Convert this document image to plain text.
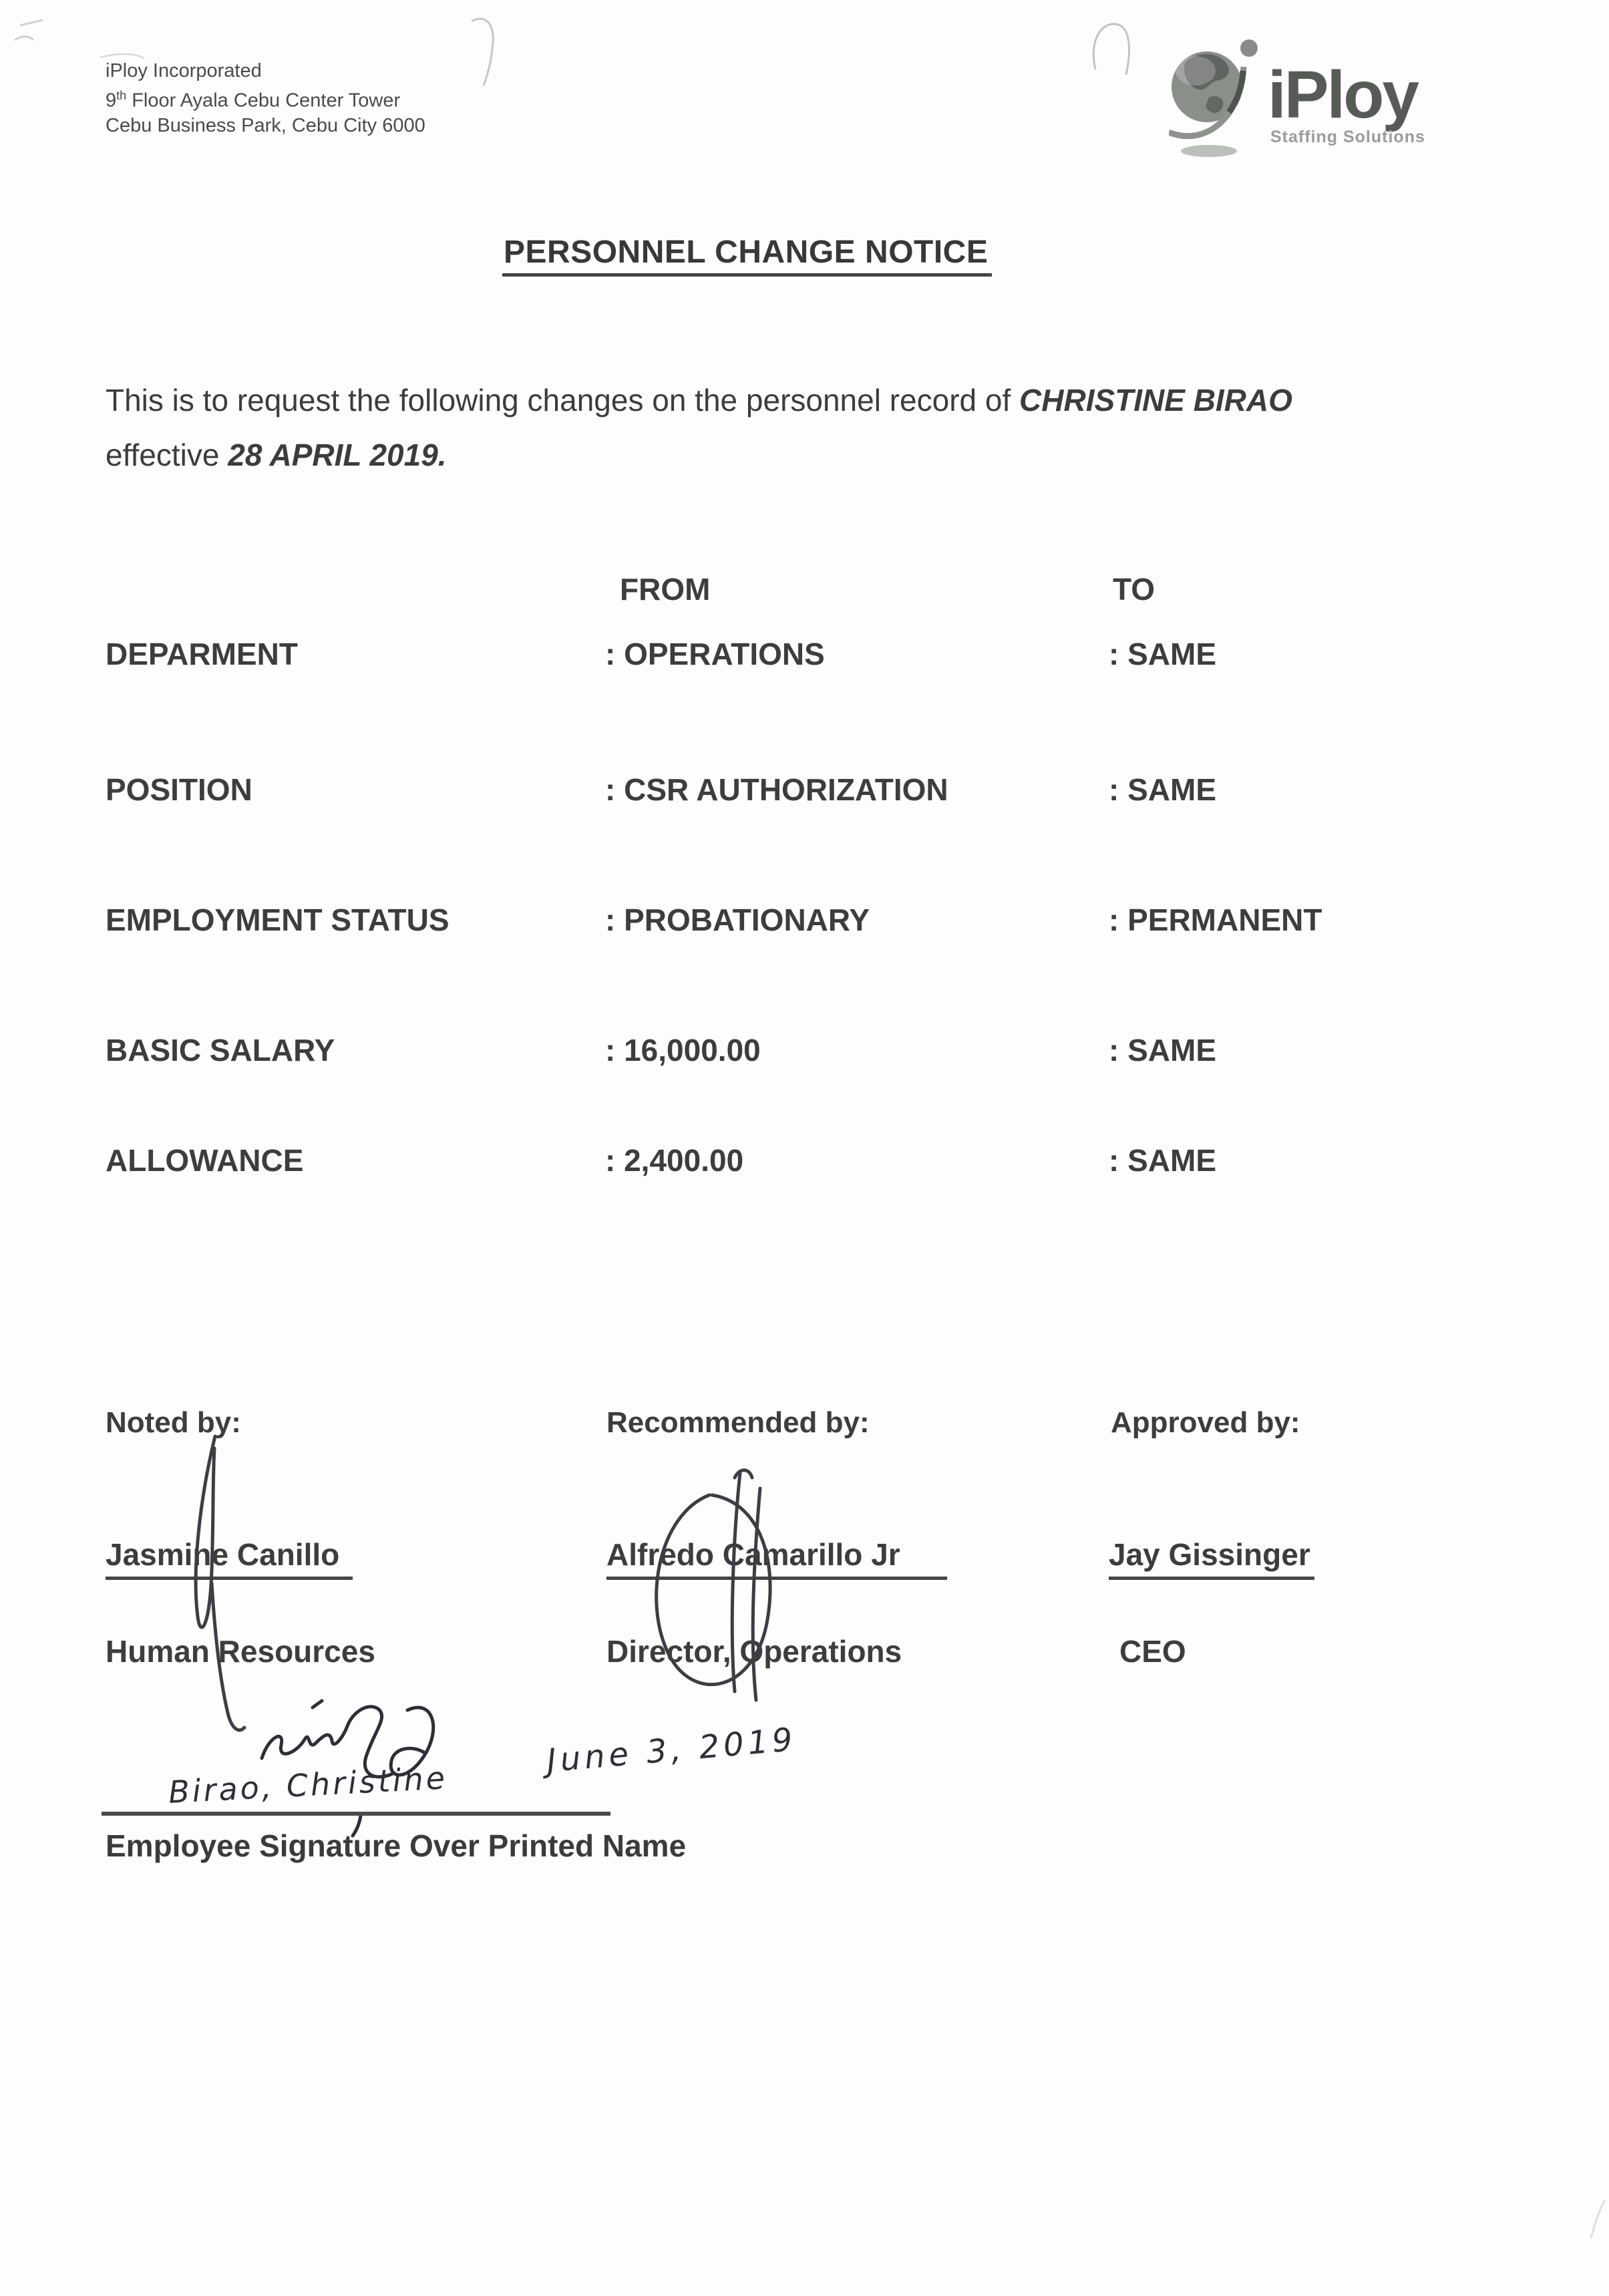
iPloy Incorporated
9th Floor Ayala Cebu Center Tower
Cebu Business Park, Cebu City 6000	iPloy
Staffing Solutions
PERSONNEL CHANGE NOTICE

This is to request the following changes on the personnel record of CHRISTINE BIRAO effective 28 APRIL 2019.

FROM	TO
DEPARMENT	: OPERATIONS	: SAME
POSITION	: CSR AUTHORIZATION	: SAME
EMPLOYMENT STATUS	: PROBATIONARY	: PERMANENT
BASIC SALARY	: 16,000.00	: SAME
ALLOWANCE	: 2,400.00	: SAME
Noted by:
Jasmine Canillo
Human Resources
Recommended by:
Alfredo Camarillo Jr
Director, Operations
Approved by:
Jay Gissinger
CEO
Birao, Christine
June 3, 2019
Employee Signature Over Printed Name
